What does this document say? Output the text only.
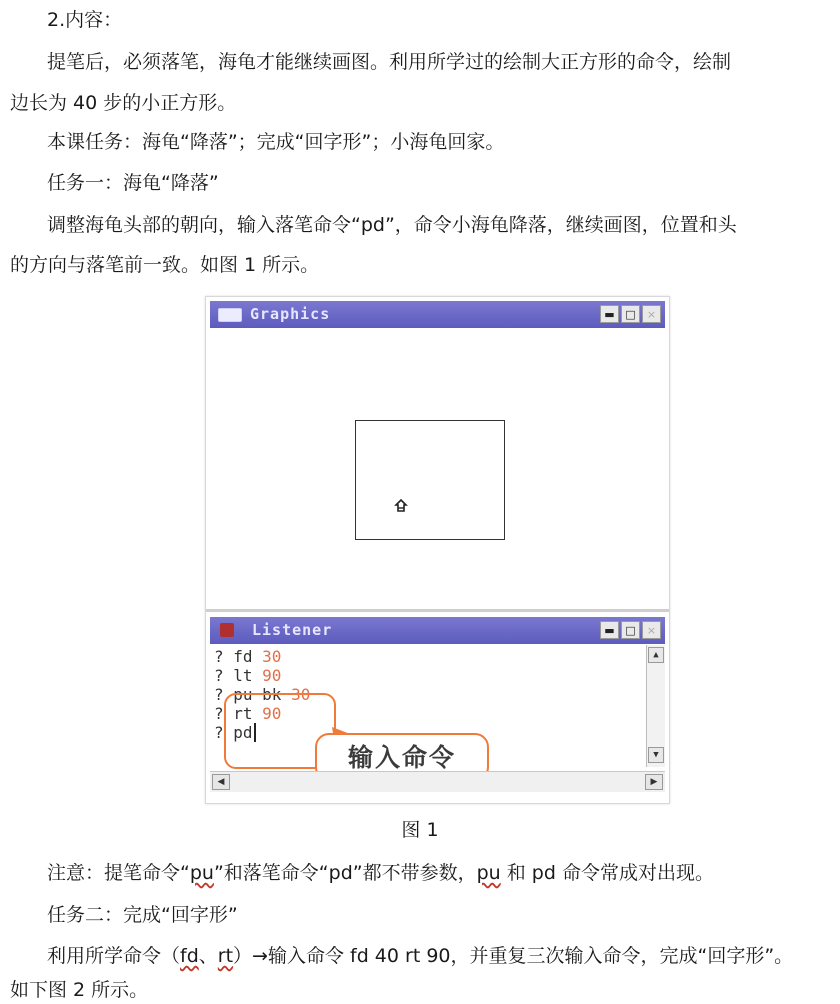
2.内容：

提笔后，必须落笔，海龟才能继续画图。利用所学过的绘制大正方形的命令，绘制

边长为 40 步的小正方形。

本课任务：海龟“降落”；完成“回字形”；小海龟回家。

任务一：海龟“降落”

调整海龟头部的朝向，输入落笔命令“pd”，命令小海龟降落，继续画图，位置和头

的方向与落笔前一致。如图 1 所示。

Graphics	▬ □	×
Listener	▬ □	×
? fd 30
? lt 90
? pu bk 30
? rt 90
? pd
输入命令
▲
▼
◀	▶
图 1

注意：提笔命令“pu”和落笔命令“pd”都不带参数，pu 和 pd 命令常成对出现。

任务二：完成“回字形”

利用所学命令（fd、rt）→输入命令 fd 40 rt 90，并重复三次输入命令，完成“回字形”。

如下图 2 所示。
